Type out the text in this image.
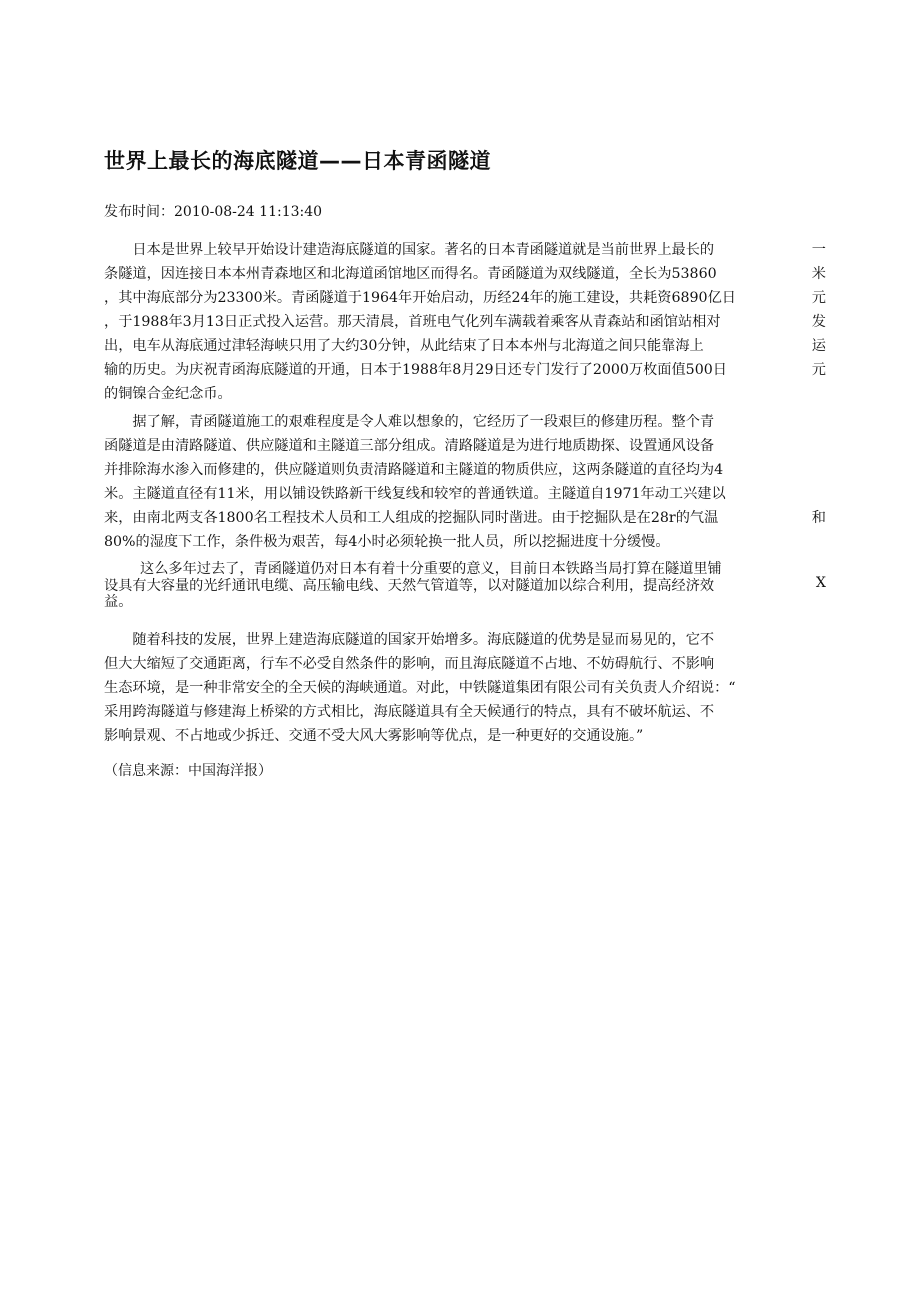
世界上最长的海底隧道——日本青函隧道
发布时间：2010-08-24 11:13:40
　　日本是世界上较早开始设计建造海底隧道的国家。著名的日本青函隧道就是当前世界上最长的	一
条隧道，因连接日本本州青森地区和北海道函馆地区而得名。青函隧道为双线隧道，全长为53860	米
，其中海底部分为23300米。青函隧道于1964年开始启动，历经24年的施工建设，共耗资6890亿日	元
，于1988年3月13日正式投入运营。那天清晨，首班电气化列车满载着乘客从青森站和函馆站相对	发
出，电车从海底通过津轻海峡只用了大约30分钟，从此结束了日本本州与北海道之间只能靠海上	运
输的历史。为庆祝青函海底隧道的开通，日本于1988年8月29日还专门发行了2000万枚面值500日	元
的铜镍合金纪念币。
　　据了解，青函隧道施工的艰难程度是令人难以想象的，它经历了一段艰巨的修建历程。整个青
函隧道是由清路隧道、供应隧道和主隧道三部分组成。清路隧道是为进行地质勘探、设置通风设备
并排除海水渗入而修建的，供应隧道则负责清路隧道和主隧道的物质供应，这两条隧道的直径均为4
米。主隧道直径有11米，用以铺设铁路新干线复线和较窄的普通铁道。主隧道自1971年动工兴建以
来，由南北两支各1800名工程技术人员和工人组成的挖掘队同时凿进。由于挖掘队是在28r的气温	和
80%的湿度下工作，条件极为艰苦，每4小时必须轮换一批人员，所以挖掘进度十分缓慢。
这么多年过去了，青函隧道仍对日本有着十分重要的意义，目前日本铁路当局打算在隧道里铺
设具有大容量的光纤通讯电缆、高压输电线、天然气管道等，以对隧道加以综合利用，提高经济效	X
益。
　　随着科技的发展，世界上建造海底隧道的国家开始增多。海底隧道的优势是显而易见的，它不
但大大缩短了交通距离，行车不必受自然条件的影响，而且海底隧道不占地、不妨碍航行、不影响
生态环境，是一种非常安全的全天候的海峡通道。对此，中铁隧道集团有限公司有关负责人介绍说：“
采用跨海隧道与修建海上桥梁的方式相比，海底隧道具有全天候通行的特点，具有不破坏航运、不
影响景观、不占地或少拆迁、交通不受大风大雾影响等优点，是一种更好的交通设施。”
（信息来源：中国海洋报）
